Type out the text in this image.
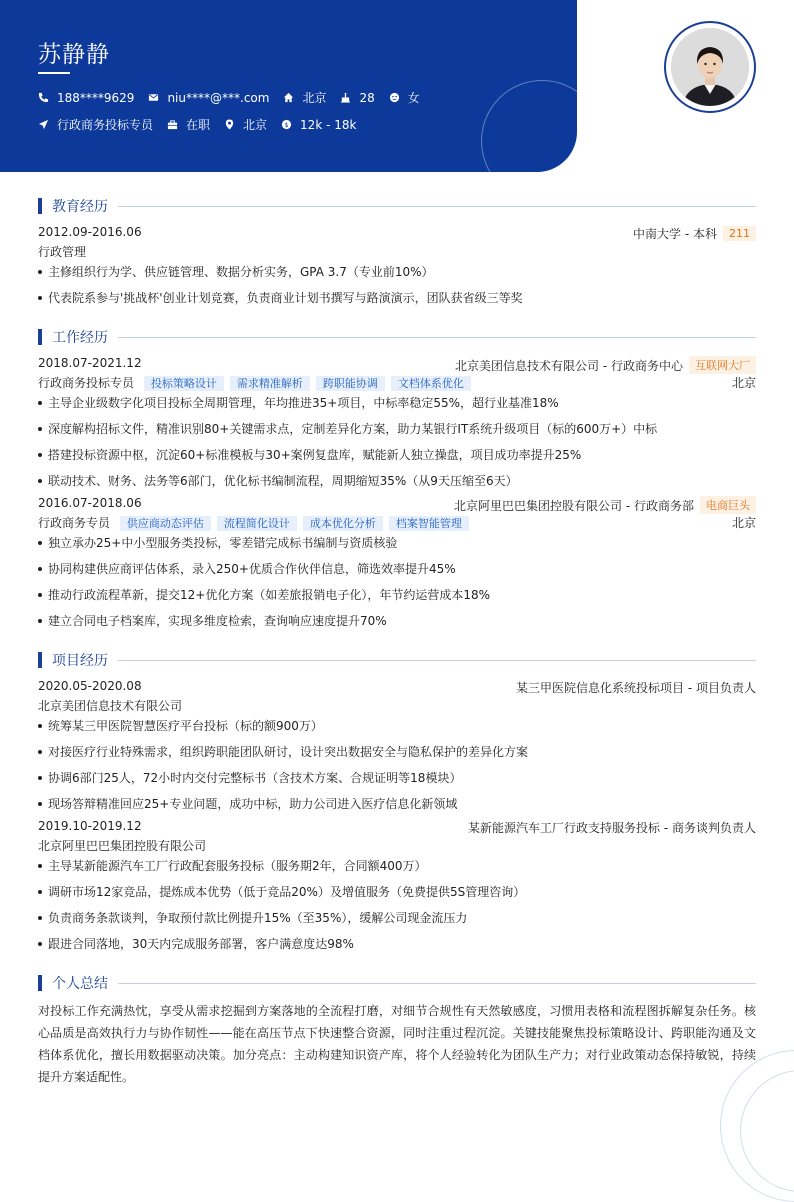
苏静静
188****9629	niu****@***.com	北京	28	女
行政商务投标专员	在职	北京 $ 12k - 18k
教育经历
2012.09-2016.06	中南大学 - 本科	211
行政管理
主修组织行为学、供应链管理、数据分析实务，GPA 3.7（专业前10%）
代表院系参与'挑战杯'创业计划竞赛，负责商业计划书撰写与路演演示，团队获省级三等奖
工作经历
2018.07-2021.12	北京美团信息技术有限公司 - 行政商务中心	互联网大厂
行政商务投标专员 投标策略设计 需求精准解析 跨职能协调 文档体系优化	北京
主导企业级数字化项目投标全周期管理，年均推进35+项目，中标率稳定55%，超行业基准18%
深度解构招标文件，精准识别80+关键需求点，定制差异化方案，助力某银行IT系统升级项目（标的600万+）中标
搭建投标资源中枢，沉淀60+标准模板与30+案例复盘库，赋能新人独立操盘，项目成功率提升25%
联动技术、财务、法务等6部门，优化标书编制流程，周期缩短35%（从9天压缩至6天）
2016.07-2018.06	北京阿里巴巴集团控股有限公司 - 行政商务部	电商巨头
行政商务专员 供应商动态评估 流程简化设计 成本优化分析 档案智能管理	北京
独立承办25+中小型服务类投标，零差错完成标书编制与资质核验
协同构建供应商评估体系，录入250+优质合作伙伴信息，筛选效率提升45%
推动行政流程革新，提交12+优化方案（如差旅报销电子化），年节约运营成本18%
建立合同电子档案库，实现多维度检索，查询响应速度提升70%
项目经历
2020.05-2020.08	某三甲医院信息化系统投标项目 - 项目负责人
北京美团信息技术有限公司
统筹某三甲医院智慧医疗平台投标（标的额900万）
对接医疗行业特殊需求，组织跨职能团队研讨，设计突出数据安全与隐私保护的差异化方案
协调6部门25人，72小时内交付完整标书（含技术方案、合规证明等18模块）
现场答辩精准回应25+专业问题，成功中标，助力公司进入医疗信息化新领域
2019.10-2019.12	某新能源汽车工厂行政支持服务投标 - 商务谈判负责人
北京阿里巴巴集团控股有限公司
主导某新能源汽车工厂行政配套服务投标（服务期2年，合同额400万）
调研市场12家竞品，提炼成本优势（低于竞品20%）及增值服务（免费提供5S管理咨询）
负责商务条款谈判，争取预付款比例提升15%（至35%），缓解公司现金流压力
跟进合同落地，30天内完成服务部署，客户满意度达98%
个人总结
对投标工作充满热忱，享受从需求挖掘到方案落地的全流程打磨，对细节合规性有天然敏感度，习惯用表格和流程图拆解复杂任务。核心品质是高效执行力与协作韧性——能在高压节点下快速整合资源，同时注重过程沉淀。关键技能聚焦投标策略设计、跨职能沟通及文档体系优化，擅长用数据驱动决策。加分亮点：主动构建知识资产库，将个人经验转化为团队生产力；对行业政策动态保持敏锐，持续提升方案适配性。
